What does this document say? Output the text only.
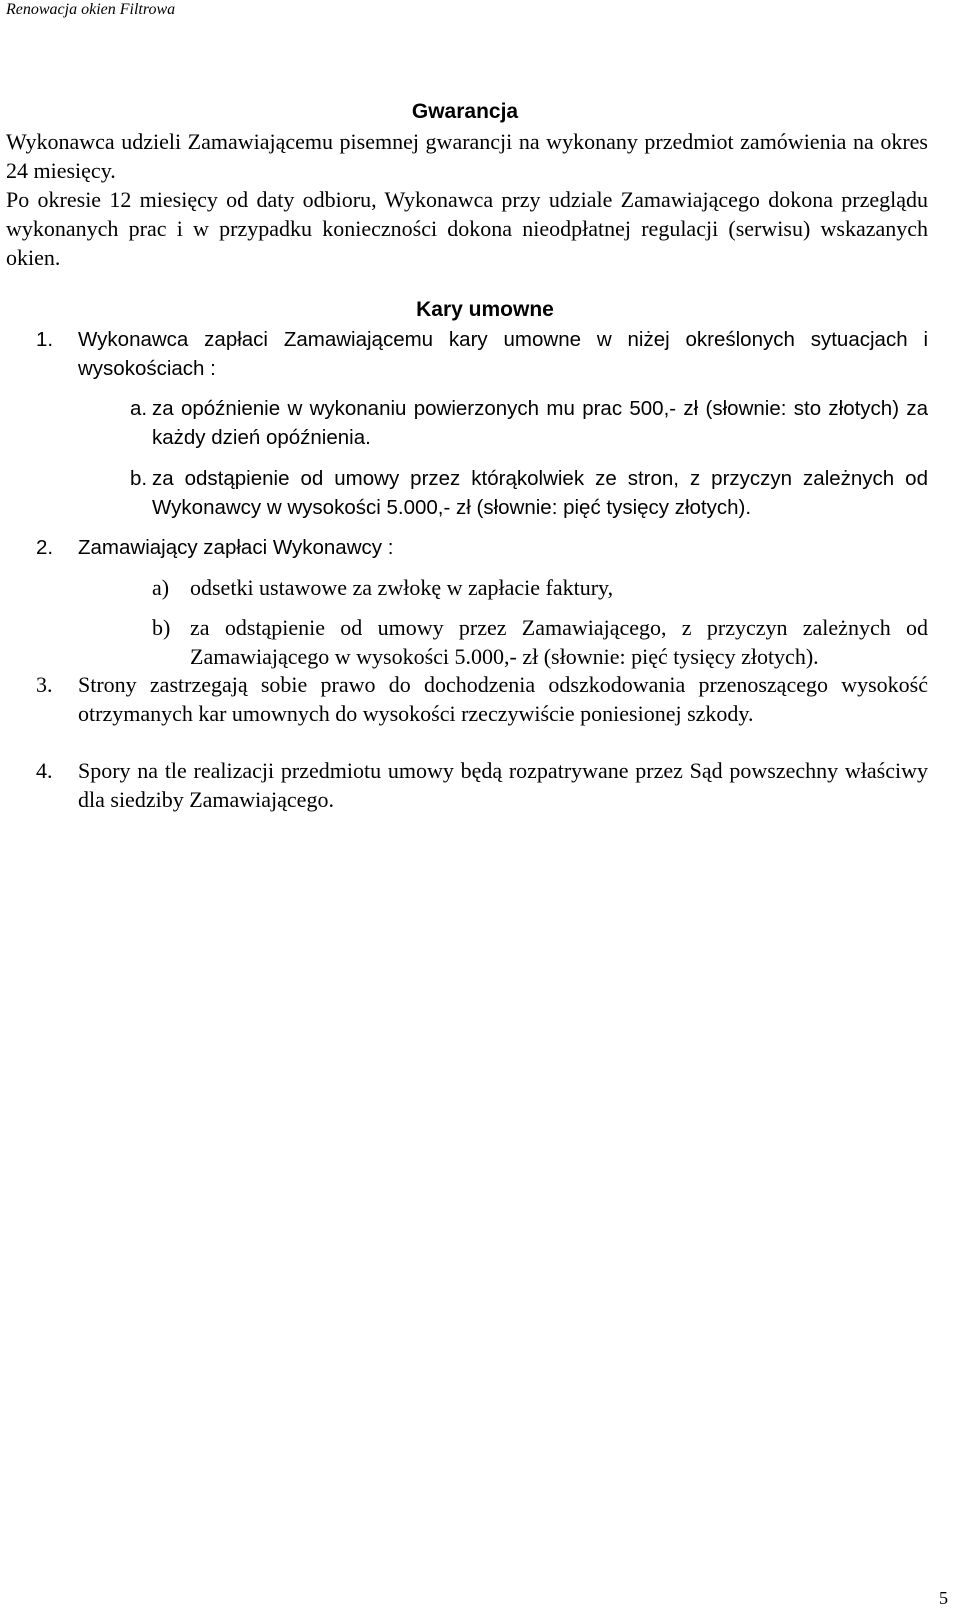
Renowacja okien Filtrowa
Gwarancja
Wykonawca udzieli Zamawiającemu pisemnej gwarancji na wykonany przedmiot zamówienia na okres 24 miesięcy.
Po okresie 12 miesięcy od daty odbioru, Wykonawca przy udziale Zamawiającego dokona przeglądu wykonanych prac i w przypadku konieczności dokona nieodpłatnej regulacji (serwisu) wskazanych okien.
Kary umowne
1. Wykonawca zapłaci Zamawiającemu kary umowne w niżej określonych sytuacjach i wysokościach :
a. za opóźnienie w wykonaniu powierzonych mu prac 500,- zł (słownie: sto złotych) za każdy dzień opóźnienia.
b. za odstąpienie od umowy przez którąkolwiek ze stron, z przyczyn zależnych od Wykonawcy w wysokości 5.000,- zł (słownie: pięć tysięcy złotych).
2. Zamawiający zapłaci Wykonawcy :
a) odsetki ustawowe za zwłokę w zapłacie faktury,
b) za odstąpienie od umowy przez Zamawiającego, z przyczyn zależnych od Zamawiającego w wysokości 5.000,- zł (słownie: pięć tysięcy złotych).
3. Strony zastrzegają sobie prawo do dochodzenia odszkodowania przenoszącego wysokość otrzymanych kar umownych do wysokości rzeczywiście poniesionej szkody.
4. Spory na tle realizacji przedmiotu umowy będą rozpatrywane przez Sąd powszechny właściwy dla siedziby Zamawiającego.
5
